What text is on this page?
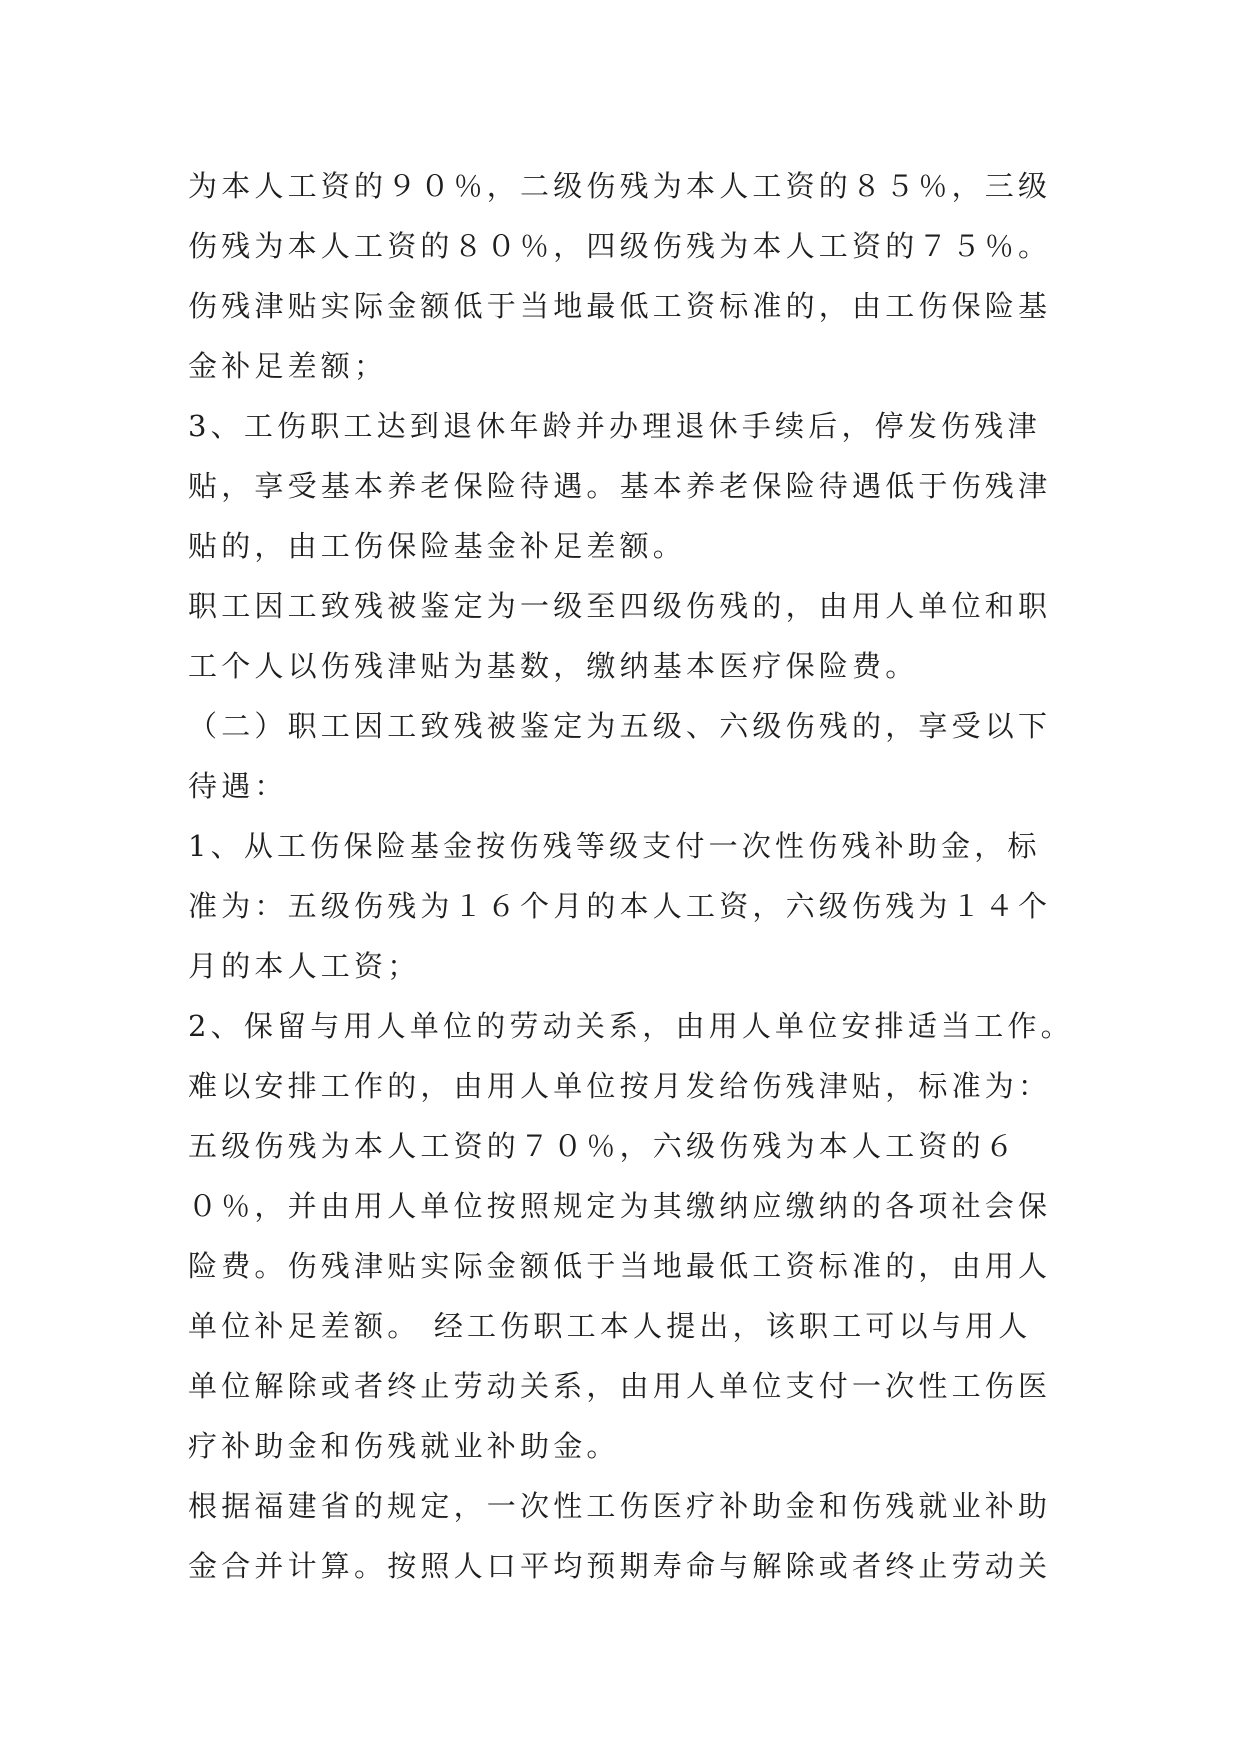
为本人工资的９０％，二级伤残为本人工资的８５％，三级
伤残为本人工资的８０％，四级伤残为本人工资的７５％。
伤残津贴实际金额低于当地最低工资标准的，由工伤保险基
金补足差额；
3、工伤职工达到退休年龄并办理退休手续后，停发伤残津
贴，享受基本养老保险待遇。基本养老保险待遇低于伤残津
贴的，由工伤保险基金补足差额。
职工因工致残被鉴定为一级至四级伤残的，由用人单位和职
工个人以伤残津贴为基数，缴纳基本医疗保险费。
（二）职工因工致残被鉴定为五级、六级伤残的，享受以下
待遇：
1、从工伤保险基金按伤残等级支付一次性伤残补助金，标
准为：五级伤残为１６个月的本人工资，六级伤残为１４个
月的本人工资；
2、保留与用人单位的劳动关系，由用人单位安排适当工作。
难以安排工作的，由用人单位按月发给伤残津贴，标准为：
五级伤残为本人工资的７０％，六级伤残为本人工资的６
０％，并由用人单位按照规定为其缴纳应缴纳的各项社会保
险费。伤残津贴实际金额低于当地最低工资标准的，由用人
单位补足差额。 经工伤职工本人提出，该职工可以与用人
单位解除或者终止劳动关系，由用人单位支付一次性工伤医
疗补助金和伤残就业补助金。
根据福建省的规定，一次性工伤医疗补助金和伤残就业补助
金合并计算。按照人口平均预期寿命与解除或者终止劳动关
